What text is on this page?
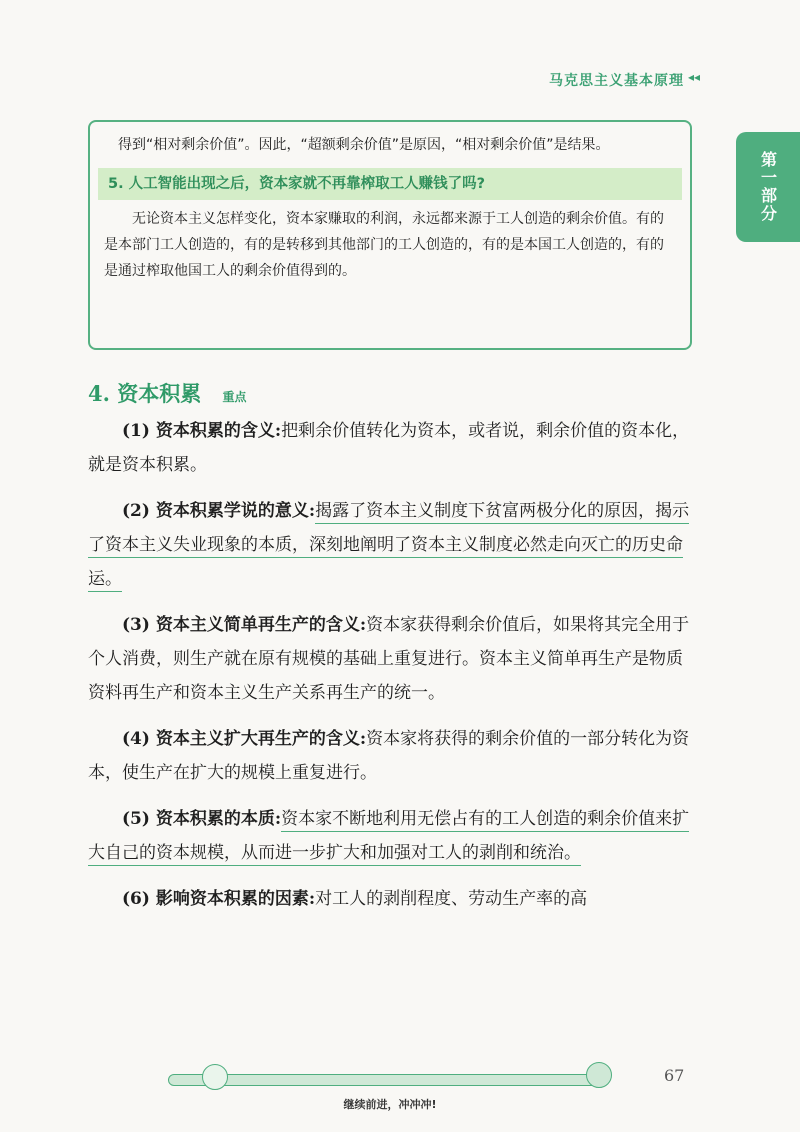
马克思主义基本原理 ◂◂
第一部分

得到“相对剩余价值”。因此，“超额剩余价值”是原因，“相对剩余价值”是结果。

5. 人工智能出现之后，资本家就不再靠榨取工人赚钱了吗?

无论资本主义怎样变化，资本家赚取的利润，永远都来源于工人创造的剩余价值。有的是本部门工人创造的，有的是转移到其他部门的工人创造的，有的是本国工人创造的，有的是通过榨取他国工人的剩余价值得到的。

4. 资本积累 重点

(1) 资本积累的含义:把剩余价值转化为资本，或者说，剩余价值的资本化，就是资本积累。

(2) 资本积累学说的意义:揭露了资本主义制度下贫富两极分化的原因，揭示了资本主义失业现象的本质，深刻地阐明了资本主义制度必然走向灭亡的历史命运。

(3) 资本主义简单再生产的含义:资本家获得剩余价值后，如果将其完全用于个人消费，则生产就在原有规模的基础上重复进行。资本主义简单再生产是物质资料再生产和资本主义生产关系再生产的统一。

(4) 资本主义扩大再生产的含义:资本家将获得的剩余价值的一部分转化为资本，使生产在扩大的规模上重复进行。

(5) 资本积累的本质:资本家不断地利用无偿占有的工人创造的剩余价值来扩大自己的资本规模，从而进一步扩大和加强对工人的剥削和统治。

(6) 影响资本积累的因素:对工人的剥削程度、劳动生产率的高

67
继续前进，冲冲冲!
